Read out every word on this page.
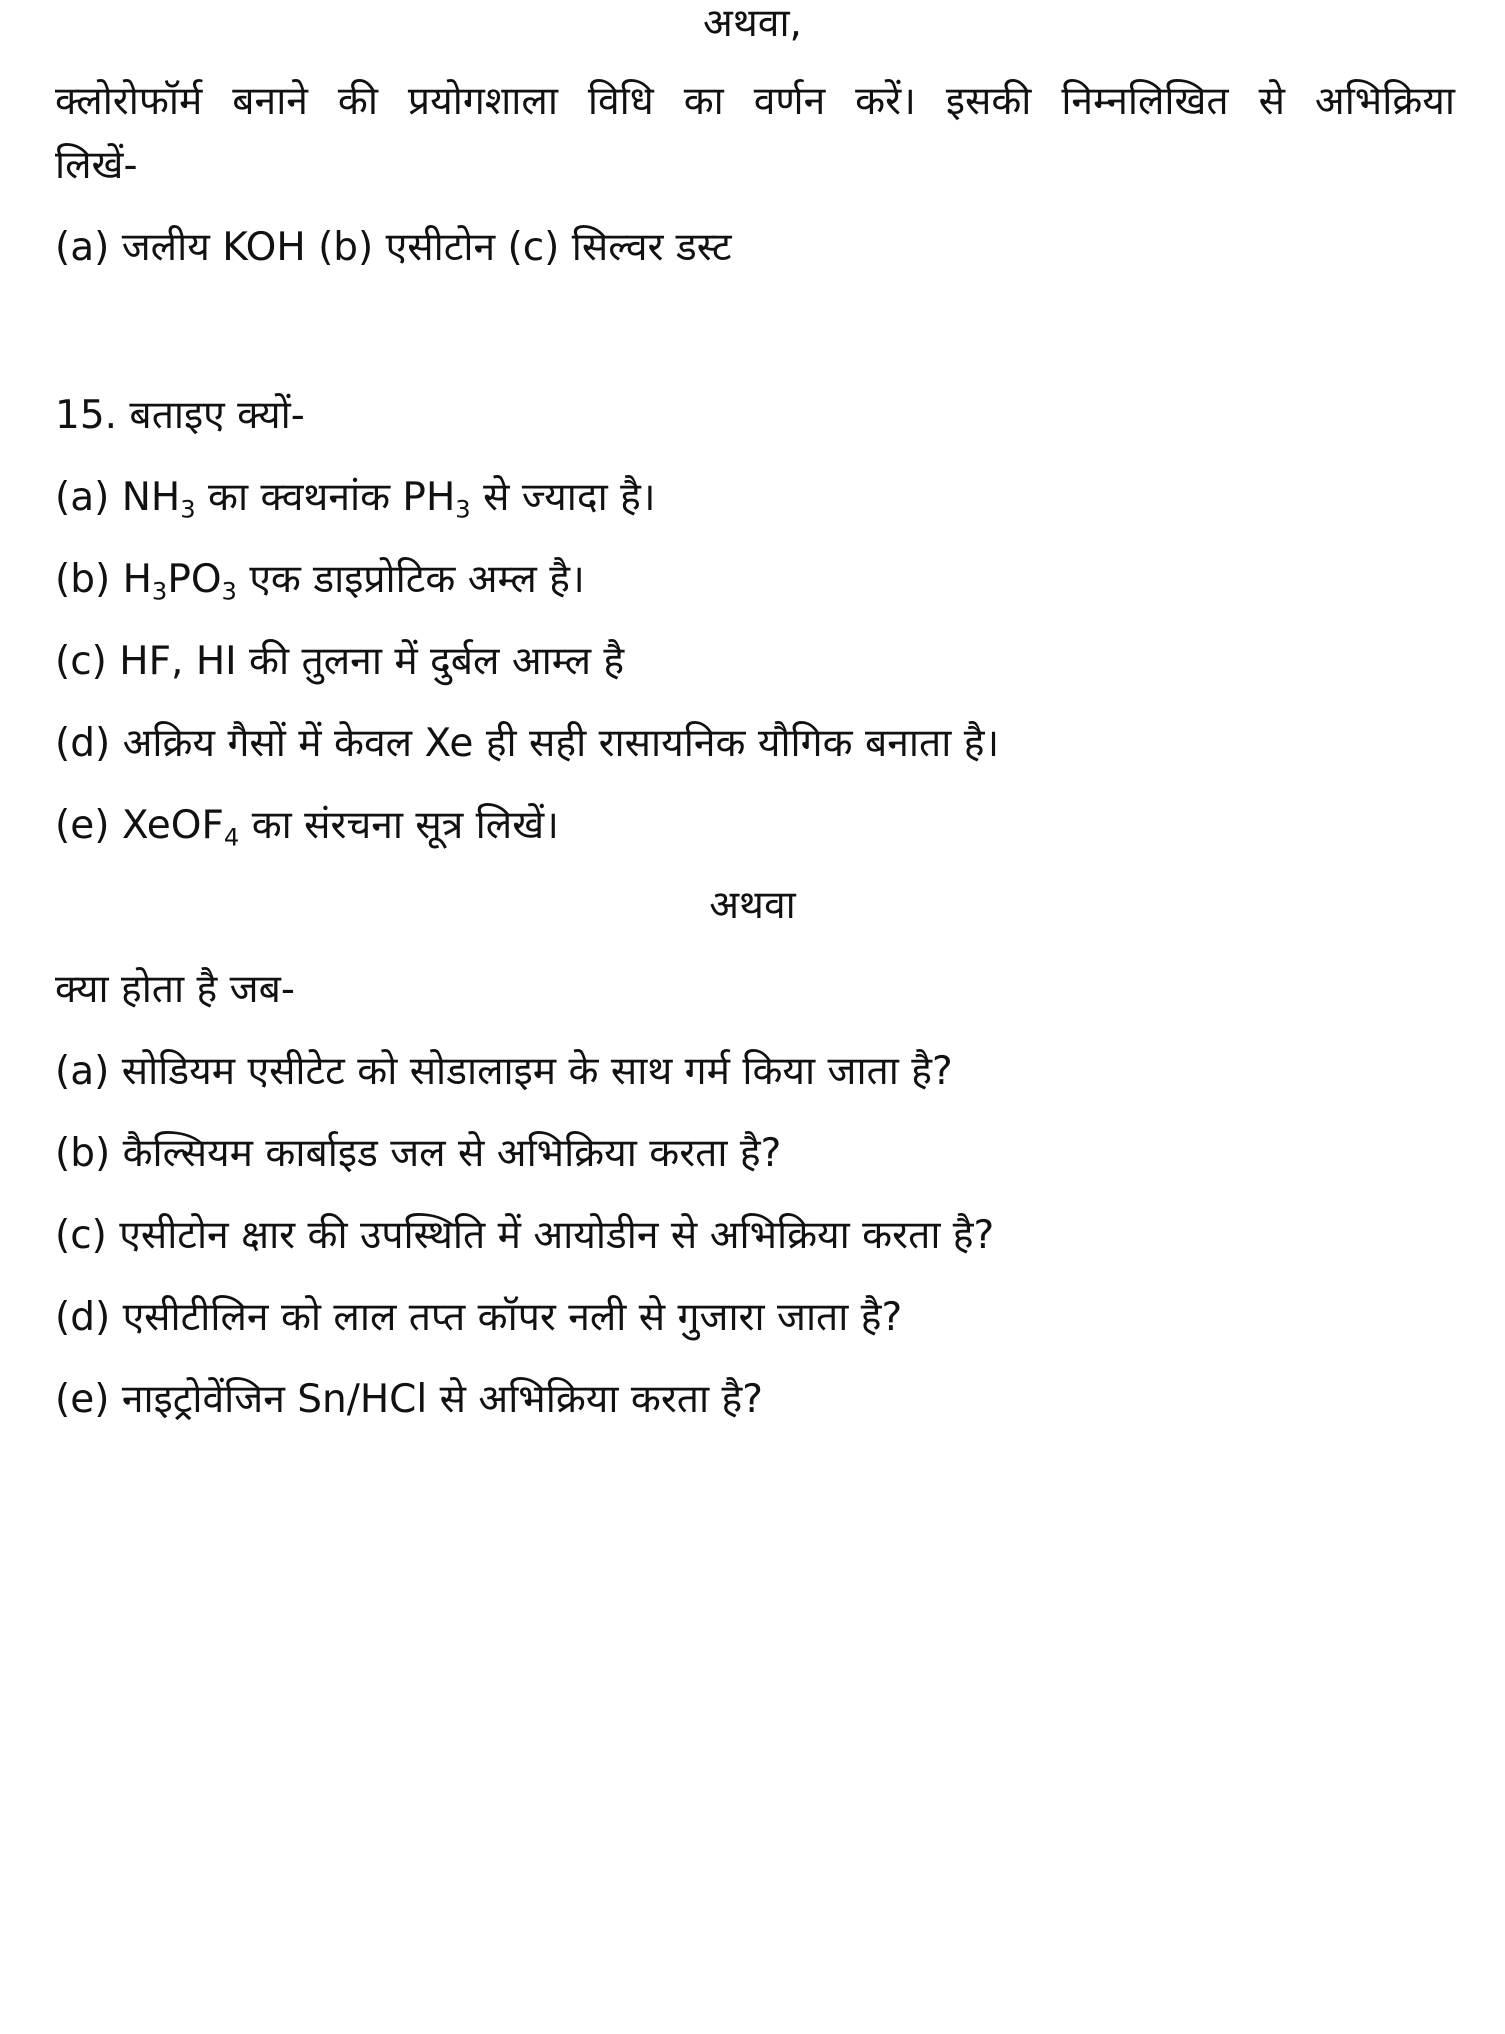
अथवा,
क्लोरोफॉर्म बनाने की प्रयोगशाला विधि का वर्णन करें। इसकी निम्नलिखित से अभिक्रिया
लिखें-
(a) जलीय KOH (b) एसीटोन (c) सिल्वर डस्ट
15. बताइए क्यों-
(a) $NH_3$ का क्वथनांक $PH_3$ से ज्यादा है।
(b) $H_3PO_3$ एक डाइप्रोटिक अम्ल है।
(c) HF, HI की तुलना में दुर्बल आम्ल है
(d) अक्रिय गैसों में केवल Xe ही सही रासायनिक यौगिक बनाता है।
(e) XeOF$_4$ का संरचना सूत्र लिखें।
अथवा
क्या होता है जब-
(a) सोडियम एसीटेट को सोडालाइम के साथ गर्म किया जाता है?
(b) कैल्सियम कार्बाइड जल से अभिक्रिया करता है?
(c) एसीटोन क्षार की उपस्थिति में आयोडीन से अभिक्रिया करता है?
(d) एसीटीलिन को लाल तप्त कॉपर नली से गुजारा जाता है?
(e) नाइट्रोवेंजिन Sn/HCl से अभिक्रिया करता है?
